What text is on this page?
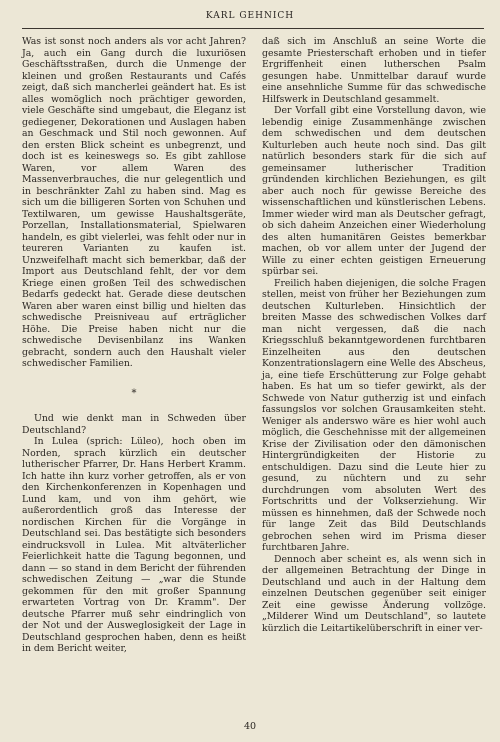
KARL GEHNICH

Was ist sonst noch anders als vor acht Jahren? Ja, auch ein Gang durch die luxuriösen Geschäftsstraßen, durch die Unmenge der kleinen und großen Restaurants und Cafés zeigt, daß sich mancherlei geändert hat. Es ist alles womöglich noch prächtiger geworden, viele Geschäfte sind umgebaut, die Eleganz ist gediegener, Dekorationen und Auslagen haben an Geschmack und Stil noch gewonnen. Auf den ersten Blick scheint es unbegrenzt, und doch ist es keineswegs so. Es gibt zahllose Waren, vor allem Waren des Massenverbrauches, die nur gelegentlich und in beschränkter Zahl zu haben sind. Mag es sich um die billigeren Sorten von Schuhen und Textilwaren, um gewisse Haushaltsgeräte, Porzellan, Installationsmaterial, Spielwaren handeln, es gibt vielerlei, was fehlt oder nur in teureren Varianten zu kaufen ist. Unzweifelhaft macht sich bemerkbar, daß der Import aus Deutschland fehlt, der vor dem Kriege einen großen Teil des schwedischen Bedarfs gedeckt hat. Gerade diese deutschen Waren aber waren einst billig und hielten das schwedische Preisniveau auf erträglicher Höhe. Die Preise haben nicht nur die schwedische Devisenbilanz ins Wanken gebracht, sondern auch den Haushalt vieler schwedischer Familien.

*

Und wie denkt man in Schweden über Deutschland?

In Lulea (sprich: Lüleo), hoch oben im Norden, sprach kürzlich ein deutscher lutherischer Pfarrer, Dr. Hans Herbert Kramm. Ich hatte ihn kurz vorher getroffen, als er von den Kirchenkonferenzen in Kopenhagen und Lund kam, und von ihm gehört, wie außerordentlich groß das Interesse der nordischen Kirchen für die Vorgänge in Deutschland sei. Das bestätigte sich besonders eindrucksvoll in Lulea. Mit altväterlicher Feierlichkeit hatte die Tagung begonnen, und dann — so stand in dem Bericht der führenden schwedischen Zeitung — „war die Stunde gekommen für den mit großer Spannung erwarteten Vortrag von Dr. Kramm". Der deutsche Pfarrer muß sehr eindringlich von der Not und der Ausweglosigkeit der Lage in Deutschland gesprochen haben, denn es heißt in dem Bericht weiter,

daß sich im Anschluß an seine Worte die gesamte Priesterschaft erhoben und in tiefer Ergriffenheit einen lutherschen Psalm gesungen habe. Unmittelbar darauf wurde eine ansehnliche Summe für das schwedische Hilfswerk in Deutschland gesammelt.

Der Vorfall gibt eine Vorstellung davon, wie lebendig einige Zusammenhänge zwischen dem schwedischen und dem deutschen Kulturleben auch heute noch sind. Das gilt natürlich besonders stark für die sich auf gemeinsamer lutherischer Tradition gründenden kirchlichen Beziehungen, es gilt aber auch noch für gewisse Bereiche des wissenschaftlichen und künstlerischen Lebens. Immer wieder wird man als Deutscher gefragt, ob sich daheim Anzeichen einer Wiederholung des alten humanitären Geistes bemerkbar machen, ob vor allem unter der Jugend der Wille zu einer echten geistigen Erneuerung spürbar sei.

Freilich haben diejenigen, die solche Fragen stellen, meist von früher her Beziehungen zum deutschen Kulturleben. Hinsichtlich der breiten Masse des schwedischen Volkes darf man nicht vergessen, daß die nach Kriegsschluß bekanntgewordenen furchtbaren Einzelheiten aus den deutschen Konzentrationslagern eine Welle des Abscheus, ja, eine tiefe Erschütterung zur Folge gehabt haben. Es hat um so tiefer gewirkt, als der Schwede von Natur gutherzig ist und einfach fassungslos vor solchen Grausamkeiten steht. Weniger als anderswo wäre es hier wohl auch möglich, die Geschehnisse mit der allgemeinen Krise der Zivilisation oder den dämonischen Hintergründigkeiten der Historie zu entschuldigen. Dazu sind die Leute hier zu gesund, zu nüchtern und zu sehr durchdrungen vom absoluten Wert des Fortschritts und der Volkserziehung. Wir müssen es hinnehmen, daß der Schwede noch für lange Zeit das Bild Deutschlands gebrochen sehen wird im Prisma dieser furchtbaren Jahre.

Dennoch aber scheint es, als wenn sich in der allgemeinen Betrachtung der Dinge in Deutschland und auch in der Haltung dem einzelnen Deutschen gegenüber seit einiger Zeit eine gewisse Änderung vollzöge. „Milderer Wind um Deutschland", so lautete kürzlich die Leitartikelüberschrift in einer ver-

40
